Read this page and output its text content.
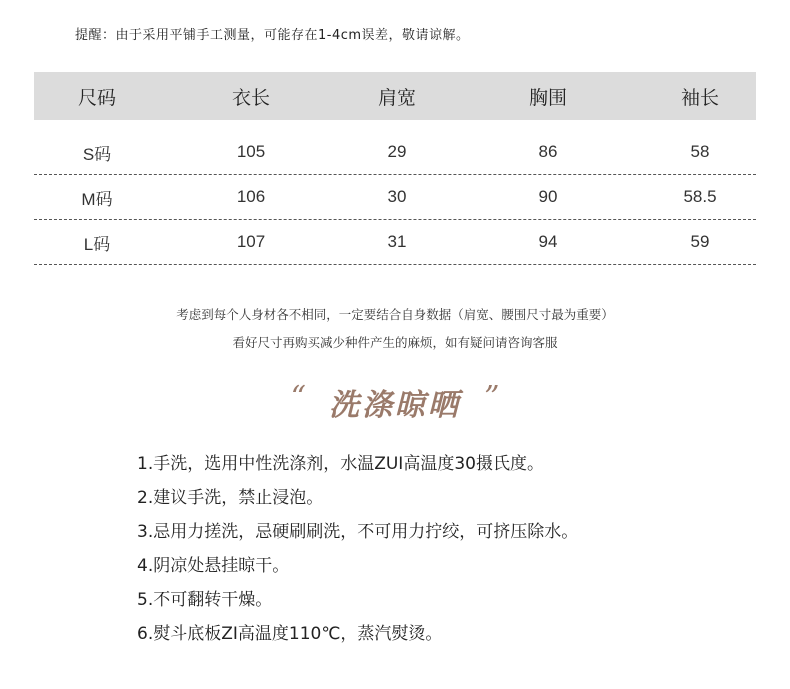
提醒：由于采用平铺手工测量，可能存在1-4cm误差，敬请谅解。
尺码	衣长	肩宽	胸围	袖长
S码	105	29	86	58
M码	106	30	90	58.5
L码	107	31	94	59
考虑到每个人身材各不相同，一定要结合自身数据（肩宽、腰围尺寸最为重要）
看好尺寸再购买减少种件产生的麻烦，如有疑问请咨询客服
“ 洗涤晾晒 ”
1.手洗，选用中性洗涤剂，水温ZUI高温度30摄氏度。
2.建议手洗，禁止浸泡。
3.忌用力搓洗，忌硬刷刷洗，不可用力拧绞，可挤压除水。
4.阴凉处悬挂晾干。
5.不可翻转干燥。
6.熨斗底板ZI高温度110℃，蒸汽熨烫。
